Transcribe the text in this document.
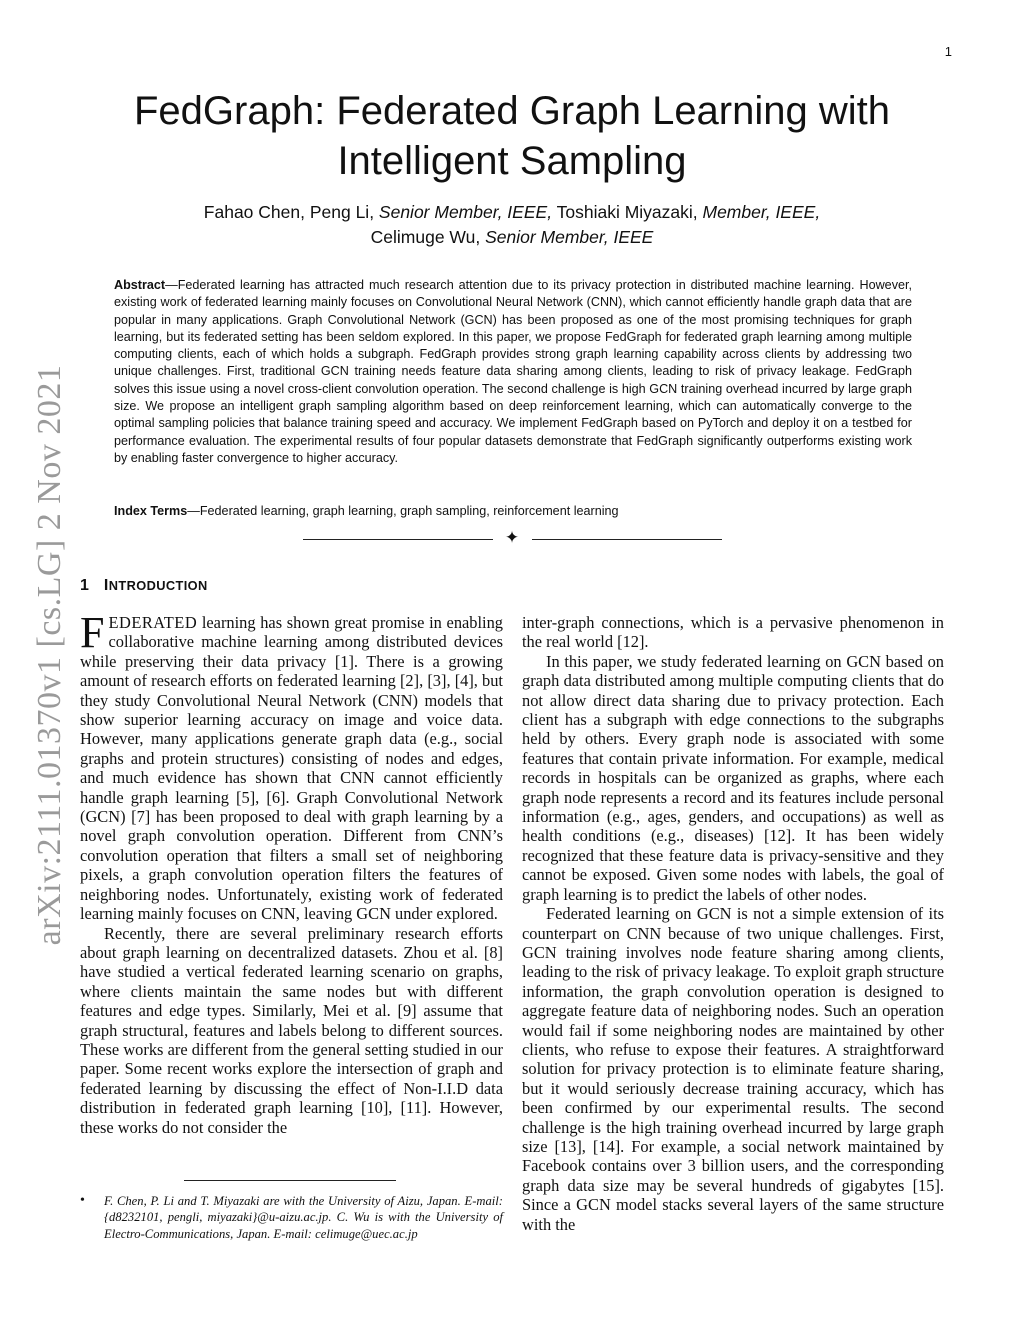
1
arXiv:2111.01370v1 [cs.LG] 2 Nov 2021
FedGraph: Federated Graph Learning with
Intelligent Sampling
Fahao Chen, Peng Li, Senior Member, IEEE, Toshiaki Miyazaki, Member, IEEE,
Celimuge Wu, Senior Member, IEEE
Abstract—Federated learning has attracted much research attention due to its privacy protection in distributed machine learning. However, existing work of federated learning mainly focuses on Convolutional Neural Network (CNN), which cannot efficiently handle graph data that are popular in many applications. Graph Convolutional Network (GCN) has been proposed as one of the most promising techniques for graph learning, but its federated setting has been seldom explored. In this paper, we propose FedGraph for federated graph learning among multiple computing clients, each of which holds a subgraph. FedGraph provides strong graph learning capability across clients by addressing two unique challenges. First, traditional GCN training needs feature data sharing among clients, leading to risk of privacy leakage. FedGraph solves this issue using a novel cross-client convolution operation. The second challenge is high GCN training overhead incurred by large graph size. We propose an intelligent graph sampling algorithm based on deep reinforcement learning, which can automatically converge to the optimal sampling policies that balance training speed and accuracy. We implement FedGraph based on PyTorch and deploy it on a testbed for performance evaluation. The experimental results of four popular datasets demonstrate that FedGraph significantly outperforms existing work by enabling faster convergence to higher accuracy.
Index Terms—Federated learning, graph learning, graph sampling, reinforcement learning
✦
1 INTRODUCTION

FEDERATED learning has shown great promise in enabling collaborative machine learning among distributed devices while preserving their data privacy [1]. There is a growing amount of research efforts on federated learning [2], [3], [4], but they study Convolutional Neural Network (CNN) models that show superior learning accuracy on image and voice data. However, many applications generate graph data (e.g., social graphs and protein structures) consisting of nodes and edges, and much evidence has shown that CNN cannot efficiently handle graph learning [5], [6]. Graph Convolutional Network (GCN) [7] has been proposed to deal with graph learning by a novel graph convolution operation. Different from CNN’s convolution operation that filters a small set of neighboring pixels, a graph convolution operation filters the features of neighboring nodes. Unfortunately, existing work of federated learning mainly focuses on CNN, leaving GCN under explored.

Recently, there are several preliminary research efforts about graph learning on decentralized datasets. Zhou et al. [8] have studied a vertical federated learning scenario on graphs, where clients maintain the same nodes but with different features and edge types. Similarly, Mei et al. [9] assume that graph structural, features and labels belong to different sources. These works are different from the general setting studied in our paper. Some recent works explore the intersection of graph and federated learning by discussing the effect of Non-I.I.D data distribution in federated graph learning [10], [11]. However, these works do not consider the

inter-graph connections, which is a pervasive phenomenon in the real world [12].

In this paper, we study federated learning on GCN based on graph data distributed among multiple computing clients that do not allow direct data sharing due to privacy protection. Each client has a subgraph with edge connections to the subgraphs held by others. Every graph node is associated with some features that contain private information. For example, medical records in hospitals can be organized as graphs, where each graph node represents a record and its features include personal information (e.g., ages, genders, and occupations) as well as health conditions (e.g., diseases) [12]. It has been widely recognized that these feature data is privacy-sensitive and they cannot be exposed. Given some nodes with labels, the goal of graph learning is to predict the labels of other nodes.

Federated learning on GCN is not a simple extension of its counterpart on CNN because of two unique challenges. First, GCN training involves node feature sharing among clients, leading to the risk of privacy leakage. To exploit graph structure information, the graph convolution operation is designed to aggregate feature data of neighboring nodes. Such an operation would fail if some neighboring nodes are maintained by other clients, who refuse to expose their features. A straightforward solution for privacy protection is to eliminate feature sharing, but it would seriously decrease training accuracy, which has been confirmed by our experimental results. The second challenge is the high training overhead incurred by large graph size [13], [14]. For example, a social network maintained by Facebook contains over 3 billion users, and the corresponding graph data size may be several hundreds of gigabytes [15]. Since a GCN model stacks several layers of the same structure with the

• F. Chen, P. Li and T. Miyazaki are with the University of Aizu, Japan. E-mail: {d8232101, pengli, miyazaki}@u-aizu.ac.jp. C. Wu is with the University of Electro-Communications, Japan. E-mail: celimuge@uec.ac.jp
